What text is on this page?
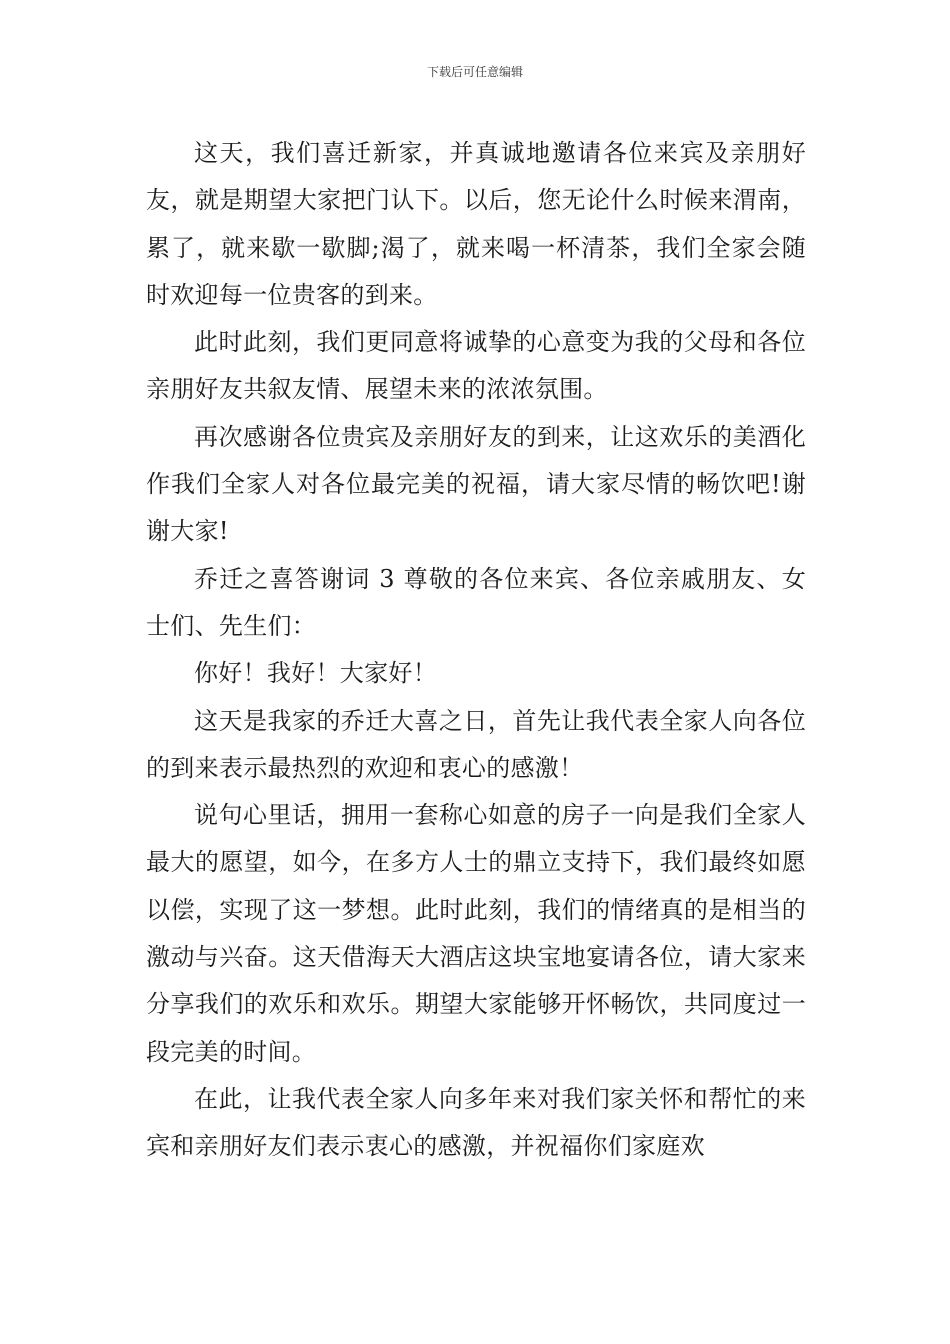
下载后可任意编辑

这天，我们喜迁新家，并真诚地邀请各位来宾及亲朋好友，就是期望大家把门认下。以后，您无论什么时候来渭南，累了，就来歇一歇脚;渴了，就来喝一杯清茶，我们全家会随时欢迎每一位贵客的到来。

此时此刻，我们更同意将诚挚的心意变为我的父母和各位亲朋好友共叙友情、展望未来的浓浓氛围。

再次感谢各位贵宾及亲朋好友的到来，让这欢乐的美酒化作我们全家人对各位最完美的祝福，请大家尽情的畅饮吧!谢谢大家!

乔迁之喜答谢词 3 尊敬的各位来宾、各位亲戚朋友、女士们、先生们：

你好！我好！大家好！

这天是我家的乔迁大喜之日，首先让我代表全家人向各位的到来表示最热烈的欢迎和衷心的感激！

说句心里话，拥用一套称心如意的房子一向是我们全家人最大的愿望，如今，在多方人士的鼎立支持下，我们最终如愿以偿，实现了这一梦想。此时此刻，我们的情绪真的是相当的激动与兴奋。这天借海天大酒店这块宝地宴请各位，请大家来分享我们的欢乐和欢乐。期望大家能够开怀畅饮，共同度过一段完美的时间。

在此，让我代表全家人向多年来对我们家关怀和帮忙的来宾和亲朋好友们表示衷心的感激，并祝福你们家庭欢
